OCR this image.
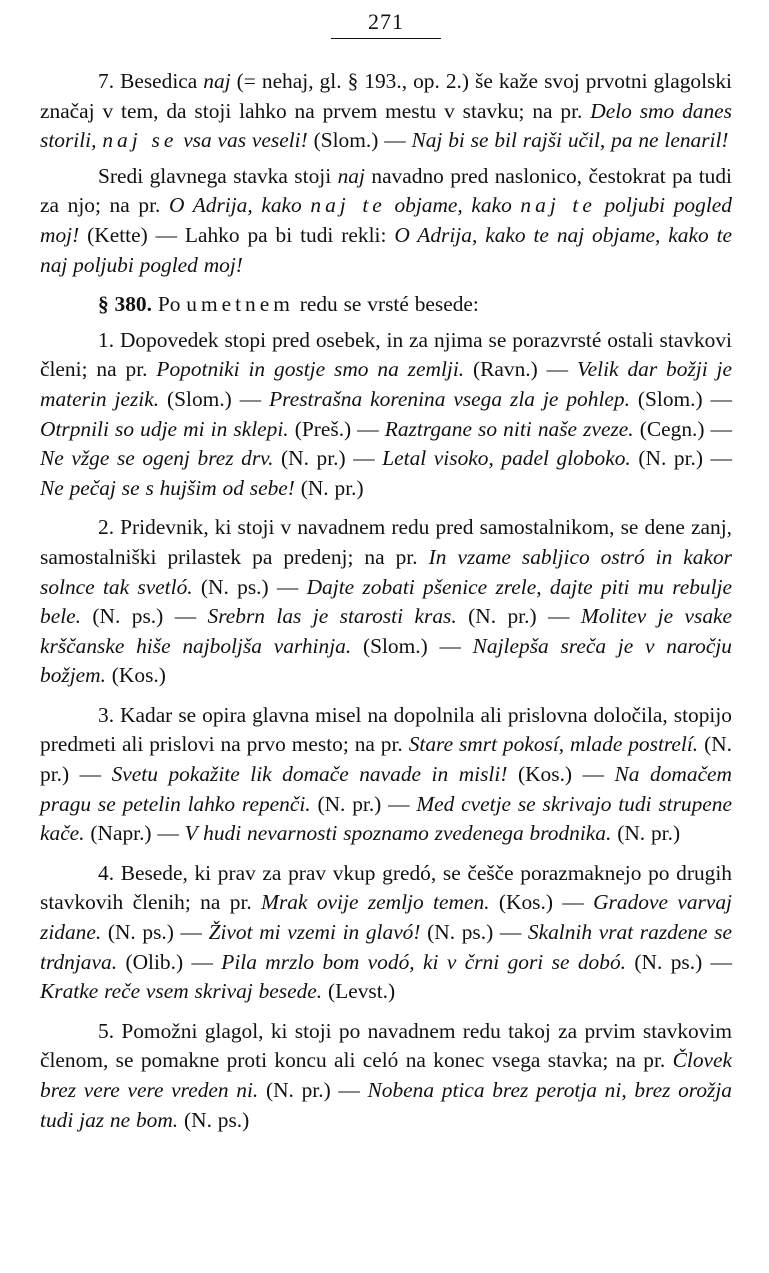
271

7. Besedica naj (= nehaj, gl. § 193., op. 2.) še kaže svoj prvotni glagolski značaj v tem, da stoji lahko na prvem mestu v stavku; na pr. Delo smo danes storili, naj se vsa vas veseli! (Slom.) — Naj bi se bil rajši učil, pa ne lenaril!

Sredi glavnega stavka stoji naj navadno pred naslonico, čestokrat pa tudi za njo; na pr. O Adrija, kako naj te objame, kako naj te poljubi pogled moj! (Kette) — Lahko pa bi tudi rekli: O Adrija, kako te naj objame, kako te naj poljubi pogled moj!

§ 380. Po umetnem redu se vrsté besede:

1. Dopovedek stopi pred osebek, in za njima se porazvrsté ostali stavkovi členi; na pr. Popotniki in gostje smo na zemlji. (Ravn.) — Velik dar božji je materin jezik. (Slom.) — Prestrašna korenina vsega zla je pohlep. (Slom.) — Otrpnili so udje mi in sklepi. (Preš.) — Raztrgane so niti naše zveze. (Cegn.) — Ne vžge se ogenj brez drv. (N. pr.) — Letal visoko, padel globoko. (N. pr.) — Ne pečaj se s hujšim od sebe! (N. pr.)

2. Pridevnik, ki stoji v navadnem redu pred samostalnikom, se dene zanj, samostalniški prilastek pa predenj; na pr. In vzame sabljico ostró in kakor solnce tak svetló. (N. ps.) — Dajte zobati pšenice zrele, dajte piti mu rebulje bele. (N. ps.) — Srebrn las je starosti kras. (N. pr.) — Molitev je vsake krščanske hiše najboljša varhinja. (Slom.) — Najlepša sreča je v naročju božjem. (Kos.)

3. Kadar se opira glavna misel na dopolnila ali prislovna določila, stopijo predmeti ali prislovi na prvo mesto; na pr. Stare smrt pokosí, mlade postrelí. (N. pr.) — Svetu pokažite lik domače navade in misli! (Kos.) — Na domačem pragu se petelin lahko repenči. (N. pr.) — Med cvetje se skrivajo tudi strupene kače. (Napr.) — V hudi nevarnosti spoznamo zvedenega brodnika. (N. pr.)

4. Besede, ki prav za prav vkup gredó, se češče porazmaknejo po drugih stavkovih členih; na pr. Mrak ovije zemljo temen. (Kos.) — Gradove varvaj zidane. (N. ps.) — Život mi vzemi in glavó! (N. ps.) — Skalnih vrat razdene se trdnjava. (Olib.) — Pila mrzlo bom vodó, ki v črni gori se dobó. (N. ps.) — Kratke reče vsem skrivaj besede. (Levst.)

5. Pomožni glagol, ki stoji po navadnem redu takoj za prvim stavkovim členom, se pomakne proti koncu ali celó na konec vsega stavka; na pr. Človek brez vere vere vreden ni. (N. pr.) — Nobena ptica brez perotja ni, brez orožja tudi jaz ne bom. (N. ps.)
